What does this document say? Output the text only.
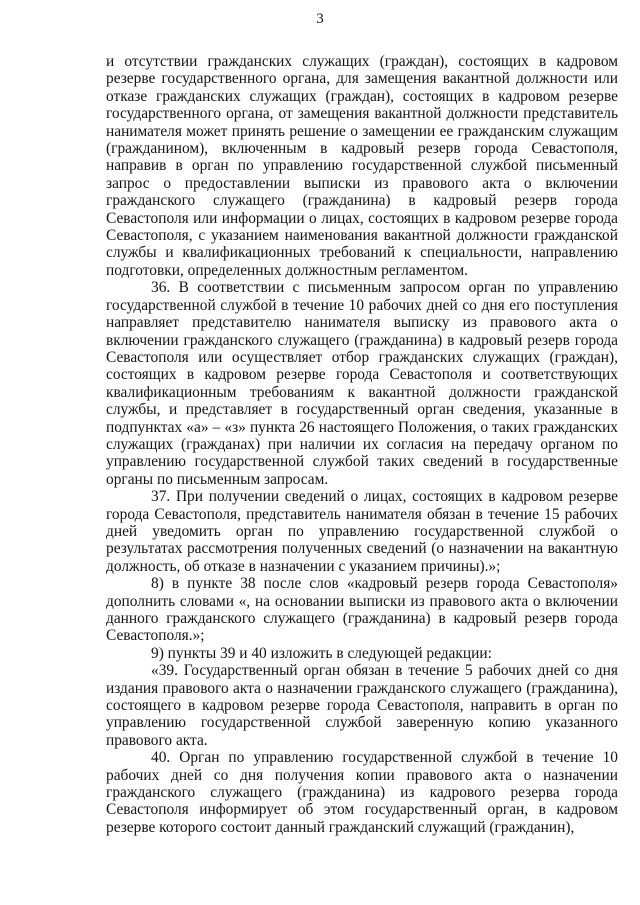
3

и отсутствии гражданских служащих (граждан), состоящих в кадровом резерве государственного органа, для замещения вакантной должности или отказе гражданских служащих (граждан), состоящих в кадровом резерве государственного органа, от замещения вакантной должности представитель нанимателя может принять решение о замещении ее гражданским служащим (гражданином), включенным в кадровый резерв города Севастополя, направив в орган по управлению государственной службой письменный запрос о предоставлении выписки из правового акта о включении гражданского служащего (гражданина) в кадровый резерв города Севастополя или информации о лицах, состоящих в кадровом резерве города Севастополя, с указанием наименования вакантной должности гражданской службы и квалификационных требований к специальности, направлению подготовки, определенных должностным регламентом.

36. В соответствии с письменным запросом орган по управлению государственной службой в течение 10 рабочих дней со дня его поступления направляет представителю нанимателя выписку из правового акта о включении гражданского служащего (гражданина) в кадровый резерв города Севастополя или осуществляет отбор гражданских служащих (граждан), состоящих в кадровом резерве города Севастополя и соответствующих квалификационным требованиям к вакантной должности гражданской службы, и представляет в государственный орган сведения, указанные в подпунктах «а» – «з» пункта 26 настоящего Положения, о таких гражданских служащих (гражданах) при наличии их согласия на передачу органом по управлению государственной службой таких сведений в государственные органы по письменным запросам.

37. При получении сведений о лицах, состоящих в кадровом резерве города Севастополя, представитель нанимателя обязан в течение 15 рабочих дней уведомить орган по управлению государственной службой о результатах рассмотрения полученных сведений (о назначении на вакантную должность, об отказе в назначении с указанием причины).»;

8) в пункте 38 после слов «кадровый резерв города Севастополя» дополнить словами «, на основании выписки из правового акта о включении данного гражданского служащего (гражданина) в кадровый резерв города Севастополя.»;

9) пункты 39 и 40 изложить в следующей редакции:

«39. Государственный орган обязан в течение 5 рабочих дней со дня издания правового акта о назначении гражданского служащего (гражданина), состоящего в кадровом резерве города Севастополя, направить в орган по управлению государственной службой заверенную копию указанного правового акта.

40. Орган по управлению государственной службой в течение 10 рабочих дней со дня получения копии правового акта о назначении гражданского служащего (гражданина) из кадрового резерва города Севастополя информирует об этом государственный орган, в кадровом резерве которого состоит данный гражданский служащий (гражданин),
